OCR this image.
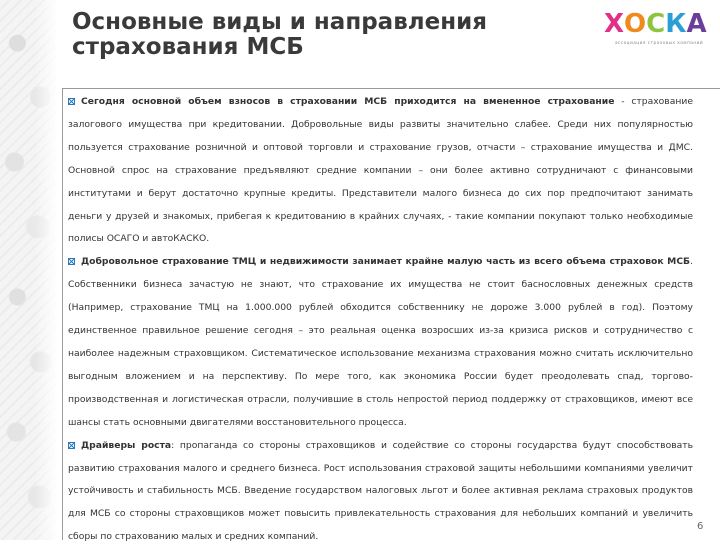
Основные виды и направления
страхования МСБ
Х О С К А
ассоциация страховых компаний

Сегодня основной объем взносов в страховании МСБ приходится на вмененное страхование - страхование залогового имущества при кредитовании. Добровольные виды развиты значительно слабее. Среди них популярностью пользуется страхование розничной и оптовой торговли и страхование грузов, отчасти – страхование имущества и ДМС. Основной спрос на страхование предъявляют средние компании – они более активно сотрудничают с финансовыми институтами и берут достаточно крупные кредиты. Представители малого бизнеса до сих пор предпочитают занимать деньги у друзей и знакомых, прибегая к кредитованию в крайних случаях, - такие компании покупают только необходимые полисы ОСАГО и автоКАСКО.

Добровольное страхование ТМЦ и недвижимости занимает крайне малую часть из всего объема страховок МСБ. Собственники бизнеса зачастую не знают, что страхование их имущества не стоит баснословных денежных средств (Например, страхование ТМЦ на 1.000.000 рублей обходится собственнику не дороже 3.000 рублей в год). Поэтому единственное правильное решение сегодня – это реальная оценка возросших из-за кризиса рисков и сотрудничество с наиболее надежным страховщиком. Систематическое использование механизма страхования можно считать исключительно выгодным вложением и на перспективу. По мере того, как экономика России будет преодолевать спад, торгово-производственная и логистическая отрасли, получившие в столь непростой период поддержку от страховщиков, имеют все шансы стать основными двигателями восстановительного процесса.

Драйверы роста: пропаганда со стороны страховщиков и содействие со стороны государства будут способствовать развитию страхования малого и среднего бизнеса. Рост использования страховой защиты небольшими компаниями увеличит устойчивость и стабильность МСБ. Введение государством налоговых льгот и более активная реклама страховых продуктов для МСБ со стороны страховщиков может повысить привлекательность страхования для небольших компаний и увеличить сборы по страхованию малых и средних компаний.

6
